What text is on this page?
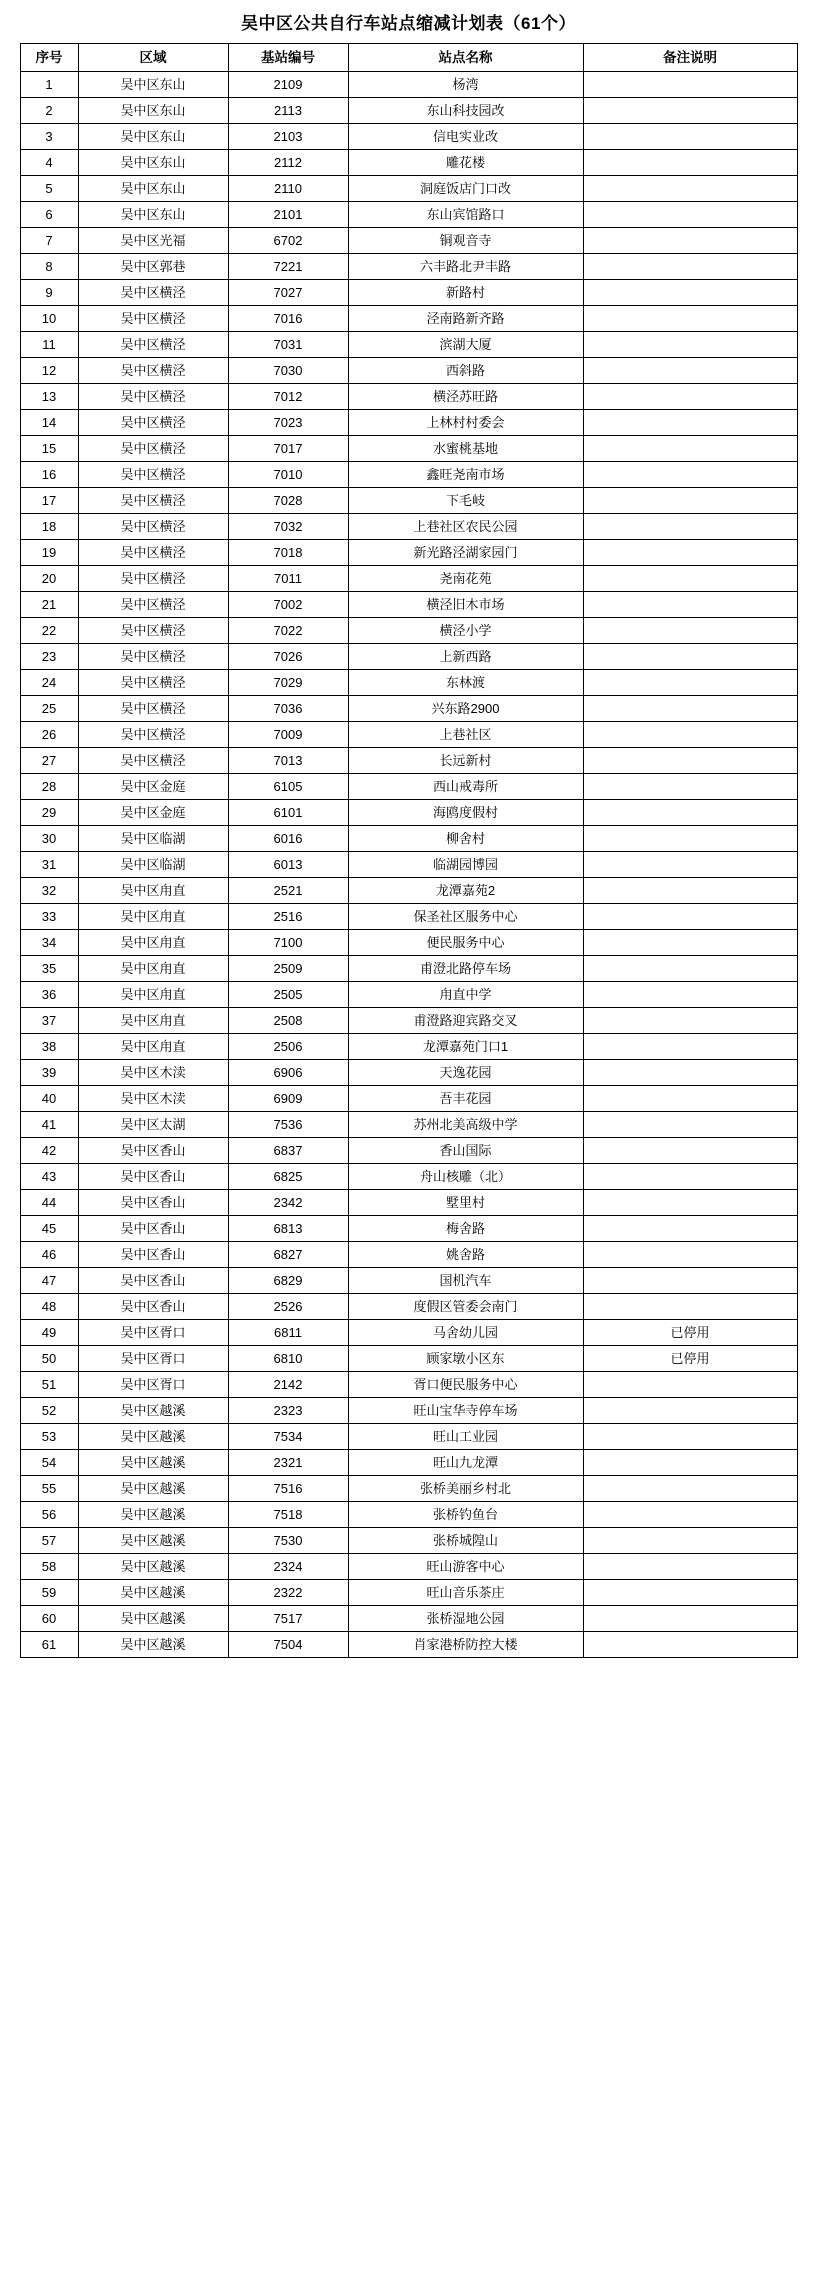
吴中区公共自行车站点缩减计划表（61个）
序号	区域	基站编号	站点名称	备注说明
1	吴中区东山	2109	杨湾	
2	吴中区东山	2113	东山科技园改	
3	吴中区东山	2103	信电实业改	
4	吴中区东山	2112	雕花楼	
5	吴中区东山	2110	洞庭饭店门口改	
6	吴中区东山	2101	东山宾馆路口	
7	吴中区光福	6702	铜观音寺	
8	吴中区郭巷	7221	六丰路北尹丰路	
9	吴中区横泾	7027	新路村	
10	吴中区横泾	7016	泾南路新齐路	
11	吴中区横泾	7031	滨湖大厦	
12	吴中区横泾	7030	西斜路	
13	吴中区横泾	7012	横泾苏旺路	
14	吴中区横泾	7023	上林村村委会	
15	吴中区横泾	7017	水蜜桃基地	
16	吴中区横泾	7010	鑫旺尧南市场	
17	吴中区横泾	7028	下毛岐	
18	吴中区横泾	7032	上巷社区农民公园	
19	吴中区横泾	7018	新光路泾湖家园门	
20	吴中区横泾	7011	尧南花苑	
21	吴中区横泾	7002	横泾旧木市场	
22	吴中区横泾	7022	横泾小学	
23	吴中区横泾	7026	上新西路	
24	吴中区横泾	7029	东林渡	
25	吴中区横泾	7036	兴东路2900	
26	吴中区横泾	7009	上巷社区	
27	吴中区横泾	7013	长远新村	
28	吴中区金庭	6105	西山戒毒所	
29	吴中区金庭	6101	海鸥度假村	
30	吴中区临湖	6016	柳舍村	
31	吴中区临湖	6013	临湖园博园	
32	吴中区甪直	2521	龙潭嘉苑2	
33	吴中区甪直	2516	保圣社区服务中心	
34	吴中区甪直	7100	便民服务中心	
35	吴中区甪直	2509	甫澄北路停车场	
36	吴中区甪直	2505	甪直中学	
37	吴中区甪直	2508	甫澄路迎宾路交叉	
38	吴中区甪直	2506	龙潭嘉苑门口1	
39	吴中区木渎	6906	天逸花园	
40	吴中区木渎	6909	吾丰花园	
41	吴中区太湖	7536	苏州北美高级中学	
42	吴中区香山	6837	香山国际	
43	吴中区香山	6825	舟山核雕（北）	
44	吴中区香山	2342	墅里村	
45	吴中区香山	6813	梅舍路	
46	吴中区香山	6827	姚舍路	
47	吴中区香山	6829	国机汽车	
48	吴中区香山	2526	度假区管委会南门	
49	吴中区胥口	6811	马舍幼儿园	已停用
50	吴中区胥口	6810	顾家墩小区东	已停用
51	吴中区胥口	2142	胥口便民服务中心	
52	吴中区越溪	2323	旺山宝华寺停车场	
53	吴中区越溪	7534	旺山工业园	
54	吴中区越溪	2321	旺山九龙潭	
55	吴中区越溪	7516	张桥美丽乡村北	
56	吴中区越溪	7518	张桥钓鱼台	
57	吴中区越溪	7530	张桥城隍山	
58	吴中区越溪	2324	旺山游客中心	
59	吴中区越溪	2322	旺山音乐茶庄	
60	吴中区越溪	7517	张桥湿地公园	
61	吴中区越溪	7504	肖家港桥防控大楼	
